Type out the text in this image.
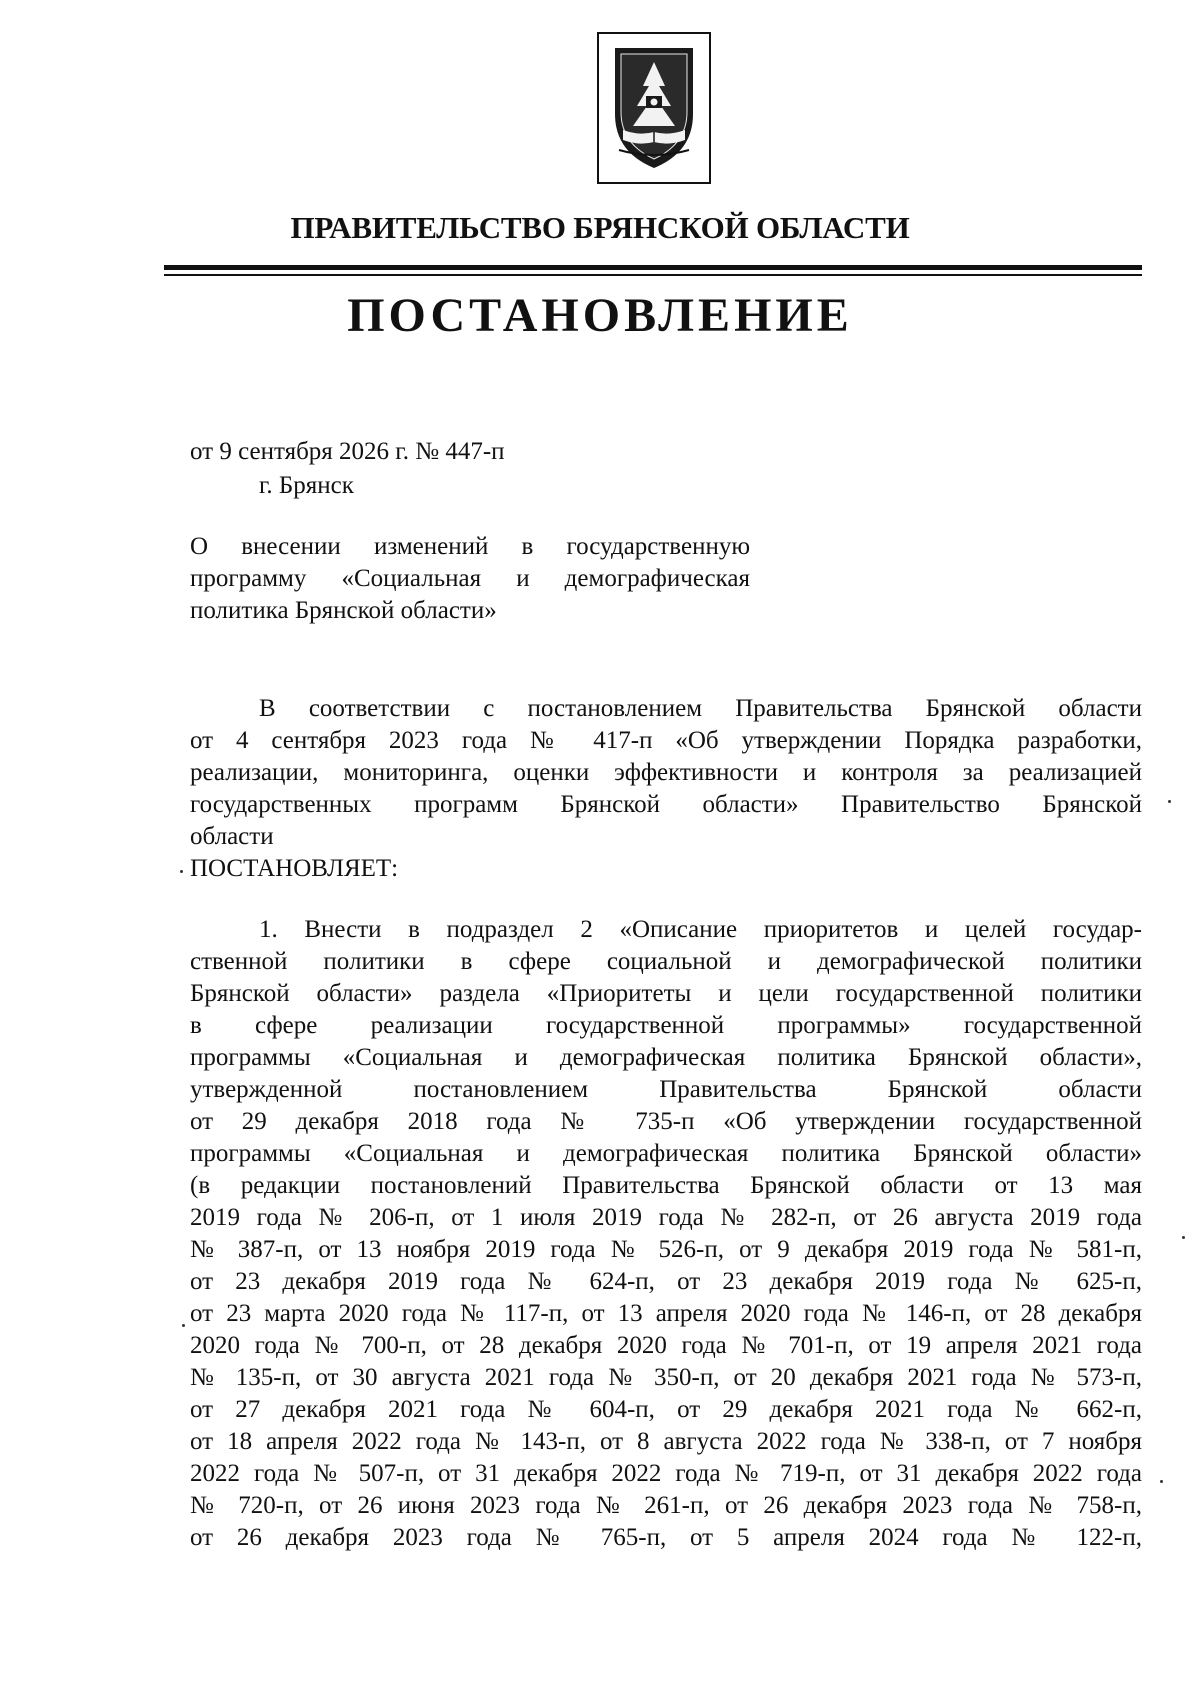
ПРАВИТЕЛЬСТВО БРЯНСКОЙ ОБЛАСТИ
ПОСТАНОВЛЕНИЕ
от 9 сентября 2026 г. № 447-п
г. Брянск
О внесении изменений в государственную
программу «Социальная и демографическая
политика Брянской области»
В соответствии с постановлением Правительства Брянской области
от 4 сентября 2023 года № 417-п «Об утверждении Порядка разработки,
реализации, мониторинга, оценки эффективности и контроля за реализацией
государственных программ Брянской области» Правительство Брянской
области
ПОСТАНОВЛЯЕТ:
1. Внести в подраздел 2 «Описание приоритетов и целей государ-
ственной политики в сфере социальной и демографической политики
Брянской области» раздела «Приоритеты и цели государственной политики
в сфере реализации государственной программы» государственной
программы «Социальная и демографическая политика Брянской области»,
утвержденной постановлением Правительства Брянской области
от 29 декабря 2018 года № 735-п «Об утверждении государственной
программы «Социальная и демографическая политика Брянской области»
(в редакции постановлений Правительства Брянской области от 13 мая
2019 года № 206-п, от 1 июля 2019 года № 282-п, от 26 августа 2019 года
№ 387-п, от 13 ноября 2019 года № 526-п, от 9 декабря 2019 года № 581-п,
от 23 декабря 2019 года № 624-п, от 23 декабря 2019 года № 625-п,
от 23 марта 2020 года № 117-п, от 13 апреля 2020 года № 146-п, от 28 декабря
2020 года № 700-п, от 28 декабря 2020 года № 701-п, от 19 апреля 2021 года
№ 135-п, от 30 августа 2021 года № 350-п, от 20 декабря 2021 года № 573-п,
от 27 декабря 2021 года № 604-п, от 29 декабря 2021 года № 662-п,
от 18 апреля 2022 года № 143-п, от 8 августа 2022 года № 338-п, от 7 ноября
2022 года № 507-п, от 31 декабря 2022 года № 719-п, от 31 декабря 2022 года
№ 720-п, от 26 июня 2023 года № 261-п, от 26 декабря 2023 года № 758-п,
от 26 декабря 2023 года № 765-п, от 5 апреля 2024 года № 122-п,
